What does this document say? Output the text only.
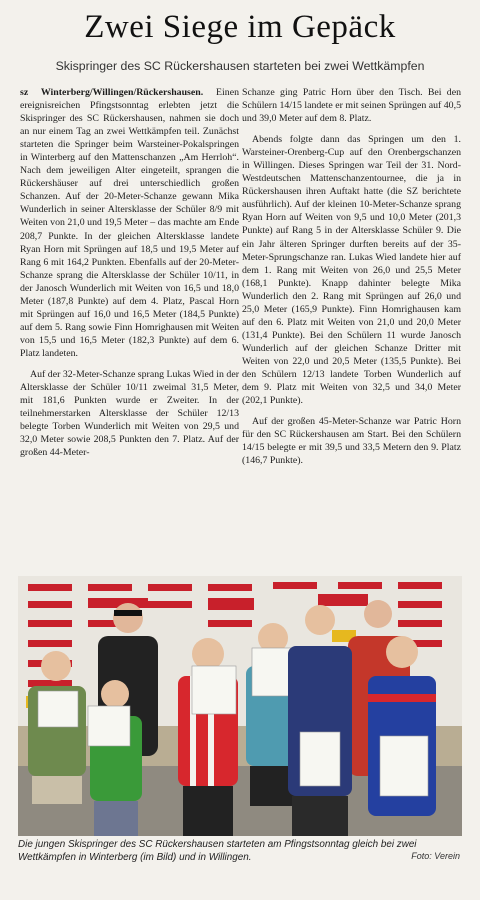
Zwei Siege im Gepäck
Skispringer des SC Rückershausen starteten bei zwei Wettkämpfen

sz Winterberg/Willingen/Rückershausen. Einen ereignisreichen Pfingstsonntag erlebten jetzt die Skispringer des SC Rückershausen, nahmen sie doch an nur einem Tag an zwei Wettkämpfen teil. Zunächst starteten die Springer beim Warsteiner-Pokalspringen in Winterberg auf den Mattenschanzen „Am Herrloh“. Nach dem jeweiligen Alter eingeteilt, sprangen die Rückershäuser auf drei unterschiedlich großen Schanzen. Auf der 20-Meter-Schanze gewann Mika Wunderlich in seiner Altersklasse der Schüler 8/9 mit Weiten von 21,0 und 19,5 Meter – das machte am Ende 208,7 Punkte. In der gleichen Altersklasse landete Ryan Horn mit Sprüngen auf 18,5 und 19,5 Meter auf Rang 6 mit 164,2 Punkten. Ebenfalls auf der 20-Meter-Schanze sprang die Altersklasse der Schüler 10/11, in der Janosch Wunderlich mit Weiten von 16,5 und 18,0 Meter (187,8 Punkte) auf dem 4. Platz, Pascal Horn mit Sprüngen auf 16,0 und 16,5 Meter (184,5 Punkte) auf dem 5. Rang sowie Finn Homrighausen mit Weiten von 15,5 und 16,5 Meter (182,3 Punkte) auf dem 6. Platz landeten.

Auf der 32-Meter-Schanze sprang Lukas Wied in der Altersklasse der Schüler 10/11 zweimal 31,5 Meter, mit 181,6 Punkten wurde er Zweiter. In der teilnehmerstarken Altersklasse der Schüler 12/13 belegte Torben Wunderlich mit Weiten von 29,5 und 32,0 Meter sowie 208,5 Punkten den 7. Platz. Auf der großen 44-Meter-

Schanze ging Patric Horn über den Tisch. Bei den Schülern 14/15 landete er mit seinen Sprüngen auf 40,5 und 39,0 Meter auf dem 8. Platz.

Abends folgte dann das Springen um den 1. Warsteiner-Orenberg-Cup auf den Orenbergschanzen in Willingen. Dieses Springen war Teil der 31. Nord-Westdeutschen Mattenschanzentournee, die ja in Rückershausen ihren Auftakt hatte (die SZ berichtete ausführlich). Auf der kleinen 10-Meter-Schanze sprang Ryan Horn auf Weiten von 9,5 und 10,0 Meter (201,3 Punkte) auf Rang 5 in der Altersklasse Schüler 9. Die ein Jahr älteren Springer durften bereits auf der 35-Meter-Sprungschanze ran. Lukas Wied landete hier auf dem 1. Rang mit Weiten von 26,0 und 25,5 Meter (168,1 Punkte). Knapp dahinter belegte Mika Wunderlich den 2. Rang mit Sprüngen auf 26,0 und 25,0 Meter (165,9 Punkte). Finn Homrighausen kam auf den 6. Platz mit Weiten von 21,0 und 20,0 Meter (131,4 Punkte). Bei den Schülern 11 wurde Janosch Wunderlich auf der gleichen Schanze Dritter mit Weiten von 22,0 und 20,5 Meter (135,5 Punkte). Bei den Schülern 12/13 landete Torben Wunderlich auf dem 9. Platz mit Weiten von 32,5 und 34,0 Meter (202,1 Punkte).

Auf der großen 45-Meter-Schanze war Patric Horn für den SC Rückershausen am Start. Bei den Schülern 14/15 belegte er mit 39,5 und 33,5 Metern den 9. Platz (146,7 Punkte).

Die jungen Skispringer des SC Rückershausen starteten am Pfingstsonntag gleich bei zwei Wettkämpfen in Winterberg (im Bild) und in Willingen.	Foto: Verein
